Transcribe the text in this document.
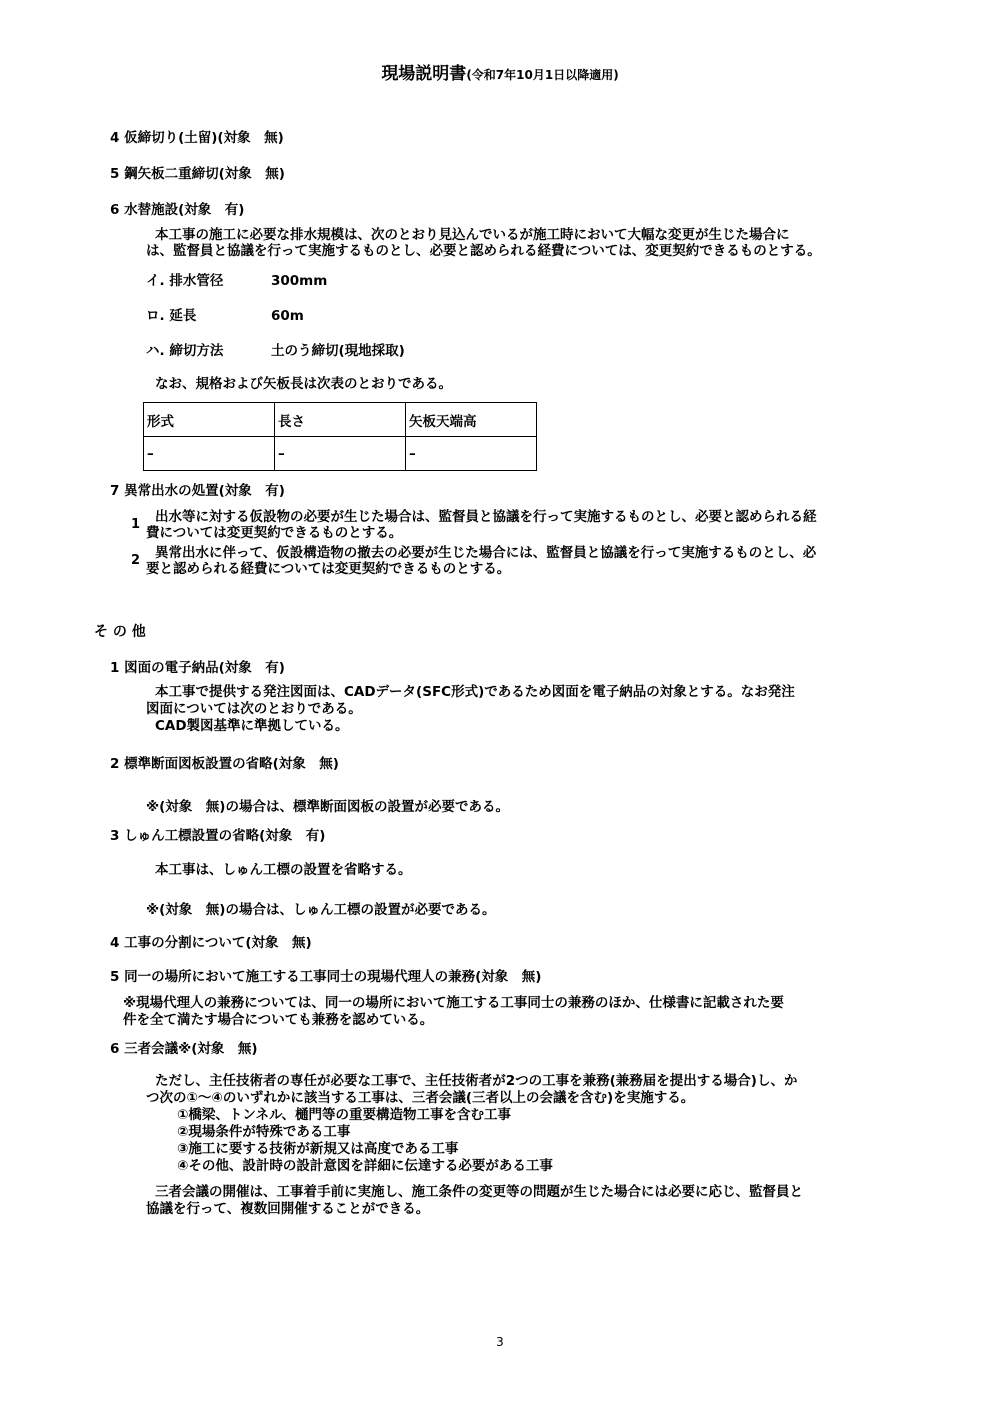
現場説明書(令和7年10月1日以降適用)
4 仮締切り(土留)(対象　無)
5 鋼矢板二重締切(対象　無)
6 水替施設(対象　有)
本工事の施工に必要な排水規模は、次のとおり見込んでいるが施工時において大幅な変更が生じた場合に
は、監督員と協議を行って実施するものとし、必要と認められる経費については、変更契約できるものとする。
イ. 排水管径	300mm
ロ. 延長	60m
ハ. 締切方法	土のう締切(現地採取)
なお、規格および矢板長は次表のとおりである。
形式	長さ	矢板天端高
–	–	–
7 異常出水の処置(対象　有)
1 出水等に対する仮設物の必要が生じた場合は、監督員と協議を行って実施するものとし、必要と認められる経
費については変更契約できるものとする。
2 異常出水に伴って、仮設構造物の撤去の必要が生じた場合には、監督員と協議を行って実施するものとし、必
要と認められる経費については変更契約できるものとする。
そ の 他
1 図面の電子納品(対象　有)
本工事で提供する発注図面は、CADデータ(SFC形式)であるため図面を電子納品の対象とする。なお発注
図面については次のとおりである。
CAD製図基準に準拠している。
2 標準断面図板設置の省略(対象　無)
※(対象　無)の場合は、標準断面図板の設置が必要である。
3 しゅん工標設置の省略(対象　有)
本工事は、しゅん工標の設置を省略する。
※(対象　無)の場合は、しゅん工標の設置が必要である。
4 工事の分割について(対象　無)
5 同一の場所において施工する工事同士の現場代理人の兼務(対象　無)
※現場代理人の兼務については、同一の場所において施工する工事同士の兼務のほか、仕様書に記載された要
件を全て満たす場合についても兼務を認めている。
6 三者会議※(対象　無)
ただし、主任技術者の専任が必要な工事で、主任技術者が2つの工事を兼務(兼務届を提出する場合)し、か
つ次の①～④のいずれかに該当する工事は、三者会議(三者以上の会議を含む)を実施する。
①橋梁、トンネル、樋門等の重要構造物工事を含む工事
②現場条件が特殊である工事
③施工に要する技術が新規又は高度である工事
④その他、設計時の設計意図を詳細に伝達する必要がある工事
三者会議の開催は、工事着手前に実施し、施工条件の変更等の問題が生じた場合には必要に応じ、監督員と
協議を行って、複数回開催することができる。
3
